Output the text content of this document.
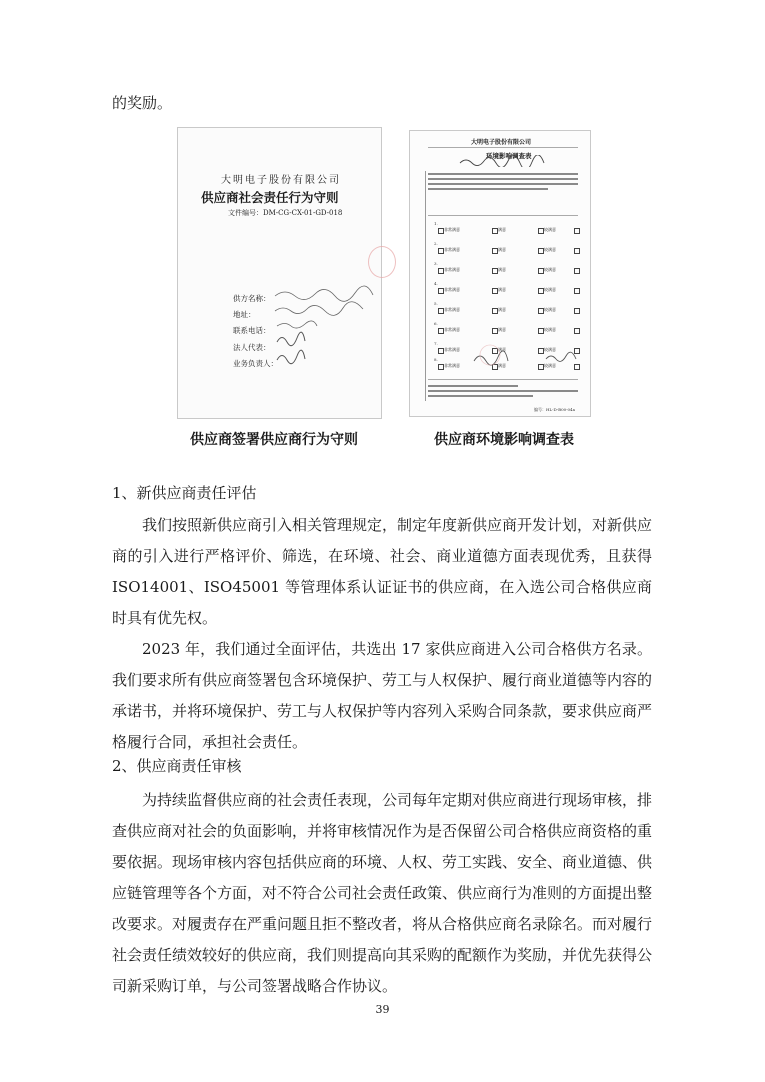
的奖励。
大明电子股份有限公司
供应商社会责任行为守则
文件编号：DM-CG-CX-01-GD-018
供方名称：
地址：
联系电话：
法人代表：
业务负责人：
大明电子股份有限公司
环境影响调查表
1.
非常满意	满意	较满意
2.
非常满意	满意	较满意
3.
非常满意	满意	较满意
4.
非常满意	满意	较满意
5.
非常满意	满意	较满意
6.
非常满意	满意	较满意
7.
非常满意	满意	较满意
8.
非常满意	满意	较满意
编号：HL-D-B00-04a
供应商签署供应商行为守则	供应商环境影响调查表
1、新供应商责任评估

我们按照新供应商引入相关管理规定，制定年度新供应商开发计划，对新供应商的引入进行严格评价、筛选，在环境、社会、商业道德方面表现优秀，且获得 ISO14001、ISO45001 等管理体系认证证书的供应商，在入选公司合格供应商时具有优先权。

2023 年，我们通过全面评估，共选出 17 家供应商进入公司合格供方名录。我们要求所有供应商签署包含环境保护、劳工与人权保护、履行商业道德等内容的承诺书，并将环境保护、劳工与人权保护等内容列入采购合同条款，要求供应商严格履行合同，承担社会责任。

2、供应商责任审核

为持续监督供应商的社会责任表现，公司每年定期对供应商进行现场审核，排查供应商对社会的负面影响，并将审核情况作为是否保留公司合格供应商资格的重要依据。现场审核内容包括供应商的环境、人权、劳工实践、安全、商业道德、供应链管理等各个方面，对不符合公司社会责任政策、供应商行为准则的方面提出整改要求。对履责存在严重问题且拒不整改者，将从合格供应商名录除名。而对履行社会责任绩效较好的供应商，我们则提高向其采购的配额作为奖励，并优先获得公司新采购订单，与公司签署战略合作协议。

39
